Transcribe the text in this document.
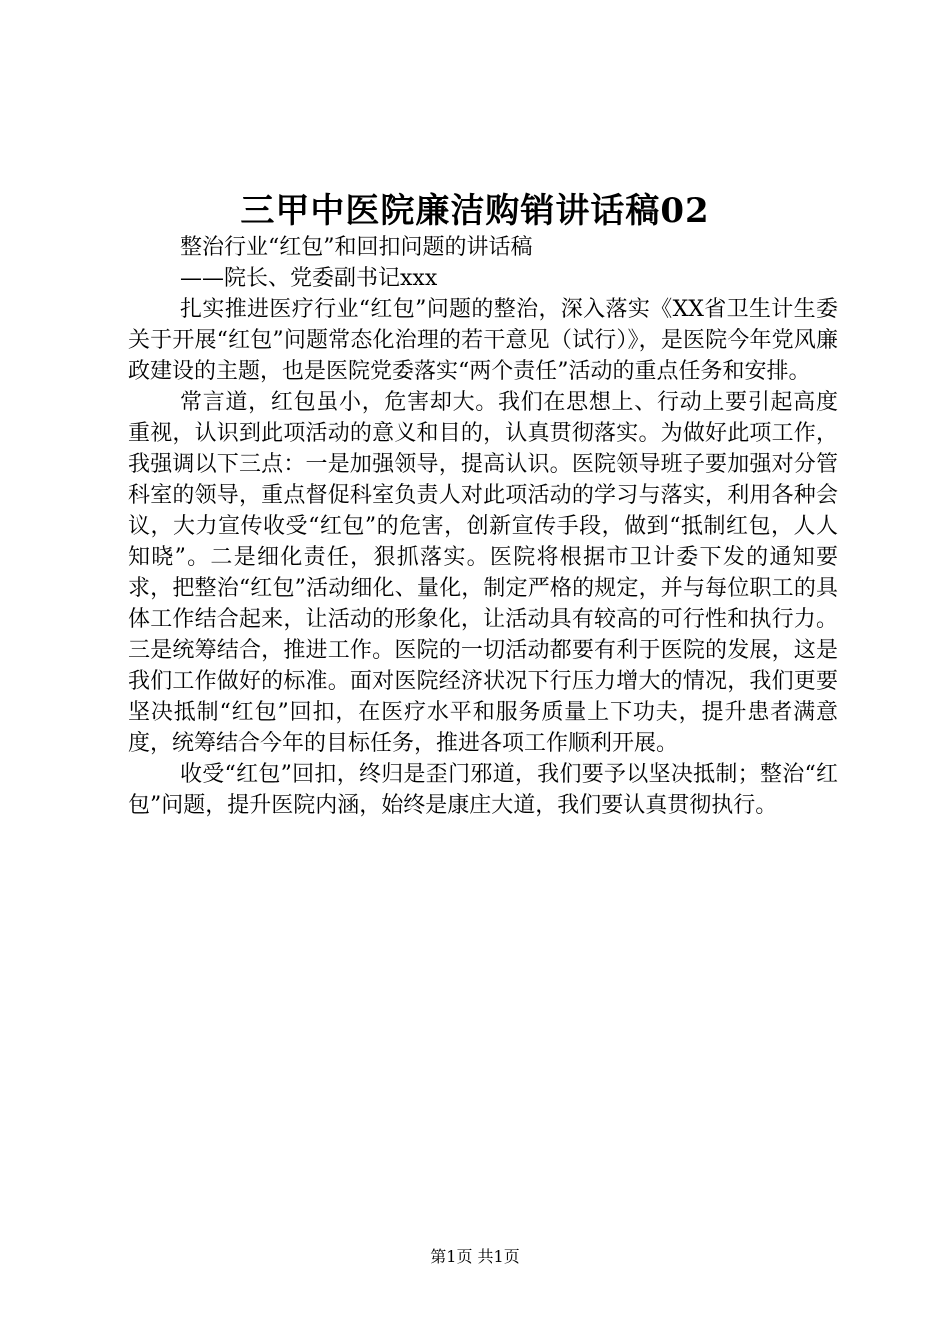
三甲中医院廉洁购销讲话稿02

整治行业“红包”和回扣问题的讲话稿

——院长、党委副书记xxx

扎实推进医疗行业“红包”问题的整治，深入落实《XX省卫生计生委关于开展“红包”问题常态化治理的若干意见（试行）》，是医院今年党风廉政建设的主题，也是医院党委落实“两个责任”活动的重点任务和安排。

常言道，红包虽小，危害却大。我们在思想上、行动上要引起高度重视，认识到此项活动的意义和目的，认真贯彻落实。为做好此项工作，我强调以下三点：一是加强领导，提高认识。医院领导班子要加强对分管科室的领导，重点督促科室负责人对此项活动的学习与落实，利用各种会议，大力宣传收受“红包”的危害，创新宣传手段，做到“抵制红包，人人知晓”。二是细化责任，狠抓落实。医院将根据市卫计委下发的通知要求，把整治“红包”活动细化、量化，制定严格的规定，并与每位职工的具体工作结合起来，让活动的形象化，让活动具有较高的可行性和执行力。三是统筹结合，推进工作。医院的一切活动都要有利于医院的发展，这是我们工作做好的标准。面对医院经济状况下行压力增大的情况，我们更要坚决抵制“红包”回扣，在医疗水平和服务质量上下功夫，提升患者满意度，统筹结合今年的目标任务，推进各项工作顺利开展。

收受“红包”回扣，终归是歪门邪道，我们要予以坚决抵制；整治“红包”问题，提升医院内涵，始终是康庄大道，我们要认真贯彻执行。

第1页 共1页
